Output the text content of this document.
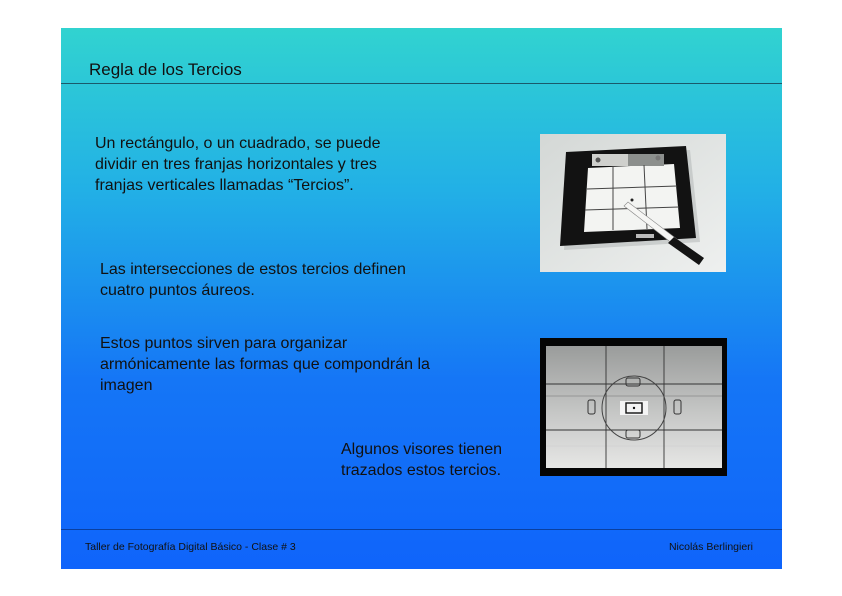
Regla de los Tercios
Un rectángulo, o un cuadrado, se puede
dividir en tres franjas horizontales y tres
franjas verticales llamadas “Tercios”.
Las intersecciones de estos tercios definen
cuatro puntos áureos.
Estos puntos sirven para organizar
armónicamente las formas que compondrán la
imagen
Algunos visores tienen
trazados estos tercios.
Taller de Fotografía Digital Básico - Clase # 3	Nicolás Berlingieri
